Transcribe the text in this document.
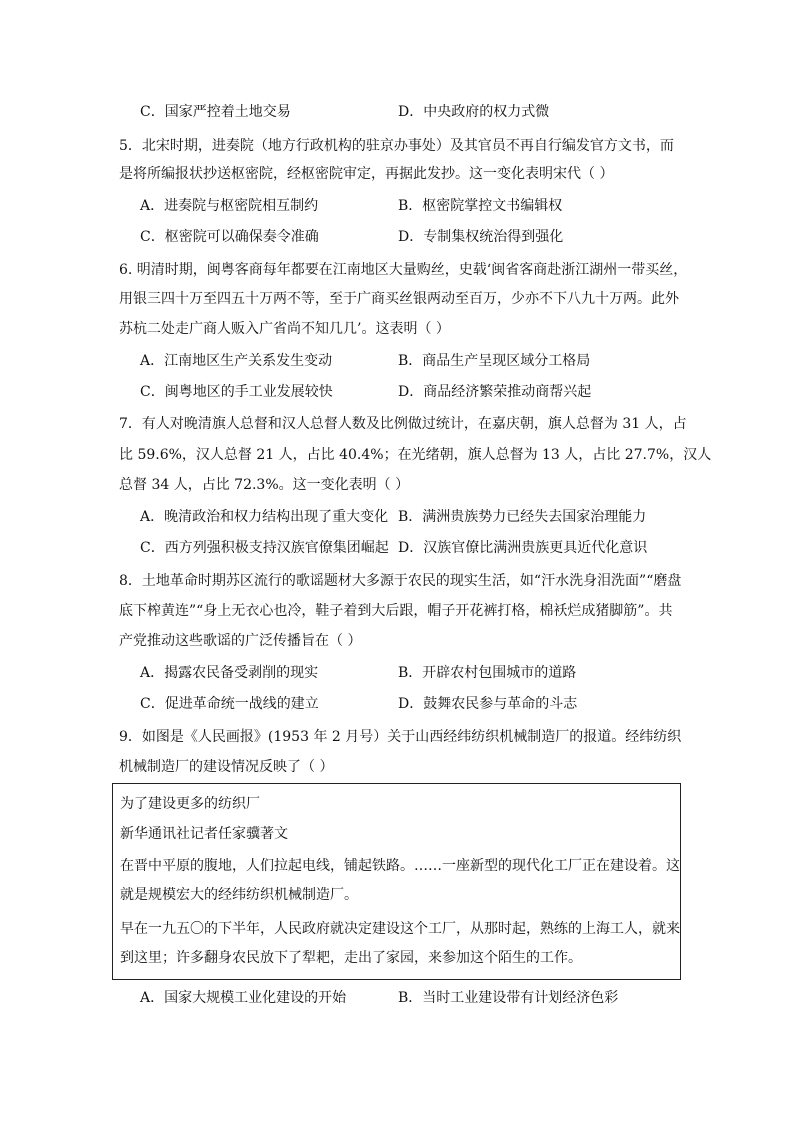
C．国家严控着土地交易	D．中央政府的权力式微
5．北宋时期，进奏院（地方行政机构的驻京办事处）及其官员不再自行编发官方文书，而
是将所编报状抄送枢密院，经枢密院审定，再据此发抄。这一变化表明宋代（ ）
A．进奏院与枢密院相互制约	B．枢密院掌控文书编辑权
C．枢密院可以确保奏令准确	D．专制集权统治得到强化
6. 明清时期，闽粤客商每年都要在江南地区大量购丝，史载‘闽省客商赴浙江湖州一带买丝，
用银三四十万至四五十万两不等，至于广商买丝银两动至百万，少亦不下八九十万两。此外
苏杭二处走广商人贩入广省尚不知几几’。这表明（ ）
A．江南地区生产关系发生变动	B．商品生产呈现区域分工格局
C．闽粤地区的手工业发展较快	D．商品经济繁荣推动商帮兴起
7．有人对晚清旗人总督和汉人总督人数及比例做过统计，在嘉庆朝，旗人总督为 31 人，占
比 59.6%，汉人总督 21 人，占比 40.4%；在光绪朝，旗人总督为 13 人，占比 27.7%，汉人
总督 34 人，占比 72.3%。这一变化表明（ ）
A．晚清政治和权力结构出现了重大变化 B．满洲贵族势力已经失去国家治理能力
C．西方列强积极支持汉族官僚集团崛起 D．汉族官僚比满洲贵族更具近代化意识
8．土地革命时期苏区流行的歌谣题材大多源于农民的现实生活，如“汗水洗身泪洗面”“磨盘
底下榨黄连”“身上无衣心也冷，鞋子着到大后跟，帽子开花裤打格，棉袄烂成猪脚筋”。共
产党推动这些歌谣的广泛传播旨在（ ）
A．揭露农民备受剥削的现实	B．开辟农村包围城市的道路
C．促进革命统一战线的建立	D．鼓舞农民参与革命的斗志
9．如图是《人民画报》(1953 年 2 月号）关于山西经纬纺织机械制造厂的报道。经纬纺织
机械制造厂的建设情况反映了（ ）
为了建设更多的纺织厂
新华通讯社记者任家骥著文
在晋中平原的腹地，人们拉起电线，铺起铁路。……一座新型的现代化工厂正在建设着。这
就是规模宏大的经纬纺织机械制造厂。
早在一九五〇的下半年，人民政府就决定建设这个工厂，从那时起，熟练的上海工人，就来
到这里；许多翻身农民放下了犁耙，走出了家园，来参加这个陌生的工作。
A．国家大规模工业化建设的开始	B．当时工业建设带有计划经济色彩
